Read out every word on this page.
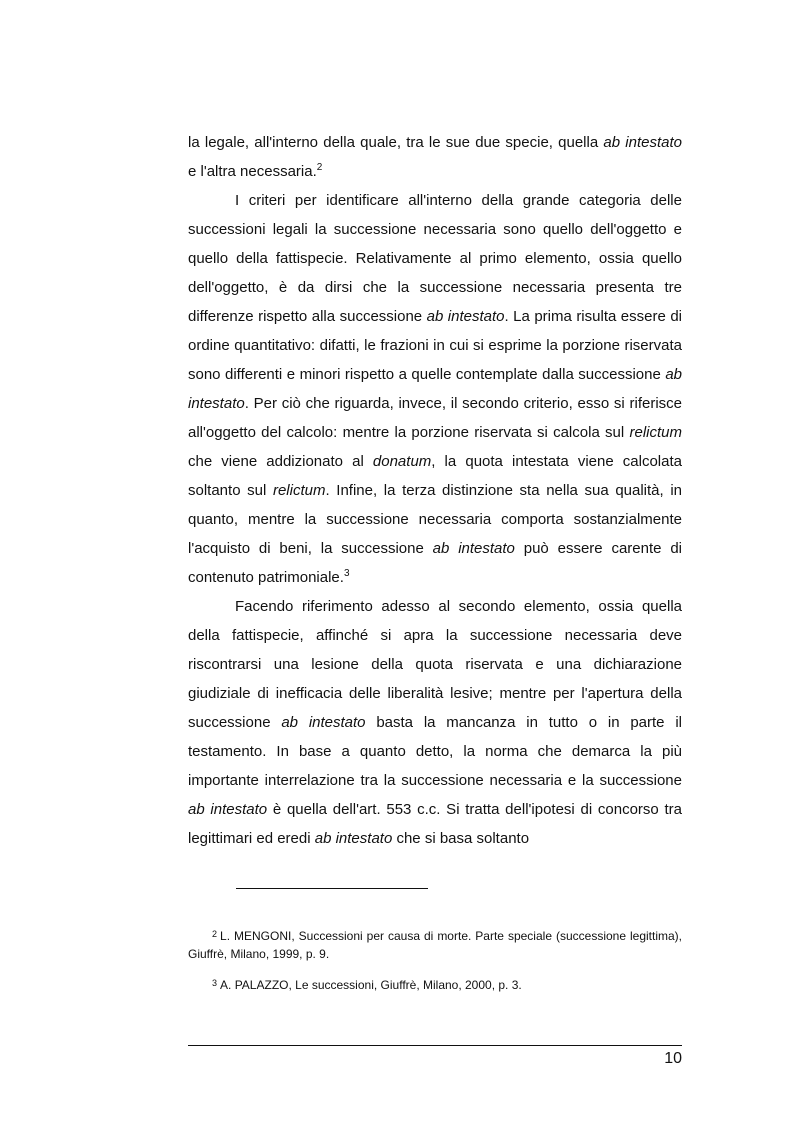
la legale, all'interno della quale, tra le sue due specie, quella ab intestato e l'altra necessaria.$^2$

I criteri per identificare all'interno della grande categoria delle successioni legali la successione necessaria sono quello dell'oggetto e quello della fattispecie. Relativamente al primo elemento, ossia quello dell'oggetto, è da dirsi che la successione necessaria presenta tre differenze rispetto alla successione ab intestato. La prima risulta essere di ordine quantitativo: difatti, le frazioni in cui si esprime la porzione riservata sono differenti e minori rispetto a quelle contemplate dalla successione ab intestato. Per ciò che riguarda, invece, il secondo criterio, esso si riferisce all'oggetto del calcolo: mentre la porzione riservata si calcola sul relictum che viene addizionato al donatum, la quota intestata viene calcolata soltanto sul relictum. Infine, la terza distinzione sta nella sua qualità, in quanto, mentre la successione necessaria comporta sostanzialmente l'acquisto di beni, la successione ab intestato può essere carente di contenuto patrimoniale.$^3$

Facendo riferimento adesso al secondo elemento, ossia quella della fattispecie, affinché si apra la successione necessaria deve riscontrarsi una lesione della quota riservata e una dichiarazione giudiziale di inefficacia delle liberalità lesive; mentre per l'apertura della successione ab intestato basta la mancanza in tutto o in parte il testamento. In base a quanto detto, la norma che demarca la più importante interrelazione tra la successione necessaria e la successione ab intestato è quella dell'art. 553 c.c. Si tratta dell'ipotesi di concorso tra legittimari ed eredi ab intestato che si basa soltanto

$^2$ L. MENGONI, Successioni per causa di morte. Parte speciale (successione legittima), Giuffrè, Milano, 1999, p. 9.
$^3$ A. PALAZZO, Le successioni, Giuffrè, Milano, 2000, p. 3.
10
